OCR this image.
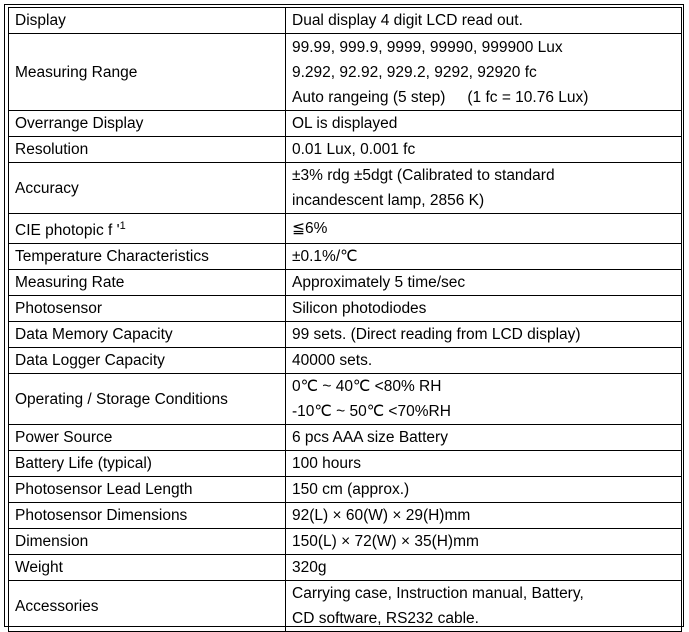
Display	Dual display 4 digit LCD read out.

Measuring Range	99.99, 999.9, 9999, 99990, 999900 Lux
9.292, 92.92, 929.2, 9292, 92920 fc
Auto rangeing (5 step) (1 fc = 10.76 Lux)

Overrange Display	OL is displayed

Resolution	0.01 Lux, 0.001 fc

Accuracy	±3% rdg ±5dgt (Calibrated to standard
incandescent lamp, 2856 K)

CIE photopic f '$^1$	≦6%

Temperature Characteristics	±0.1%/℃

Measuring Rate	Approximately 5 time/sec

Photosensor	Silicon photodiodes

Data Memory Capacity	99 sets. (Direct reading from LCD display)

Data Logger Capacity	40000 sets.

Operating / Storage Conditions	0℃ ~ 40℃ <80% RH
-10℃ ~ 50℃ <70%RH

Power Source	6 pcs AAA size Battery

Battery Life (typical)	100 hours

Photosensor Lead Length	150 cm (approx.)

Photosensor Dimensions	92(L) × 60(W) × 29(H)mm

Dimension	150(L) × 72(W) × 35(H)mm

Weight	320g

Accessories	Carrying case, Instruction manual, Battery,
CD software, RS232 cable.
